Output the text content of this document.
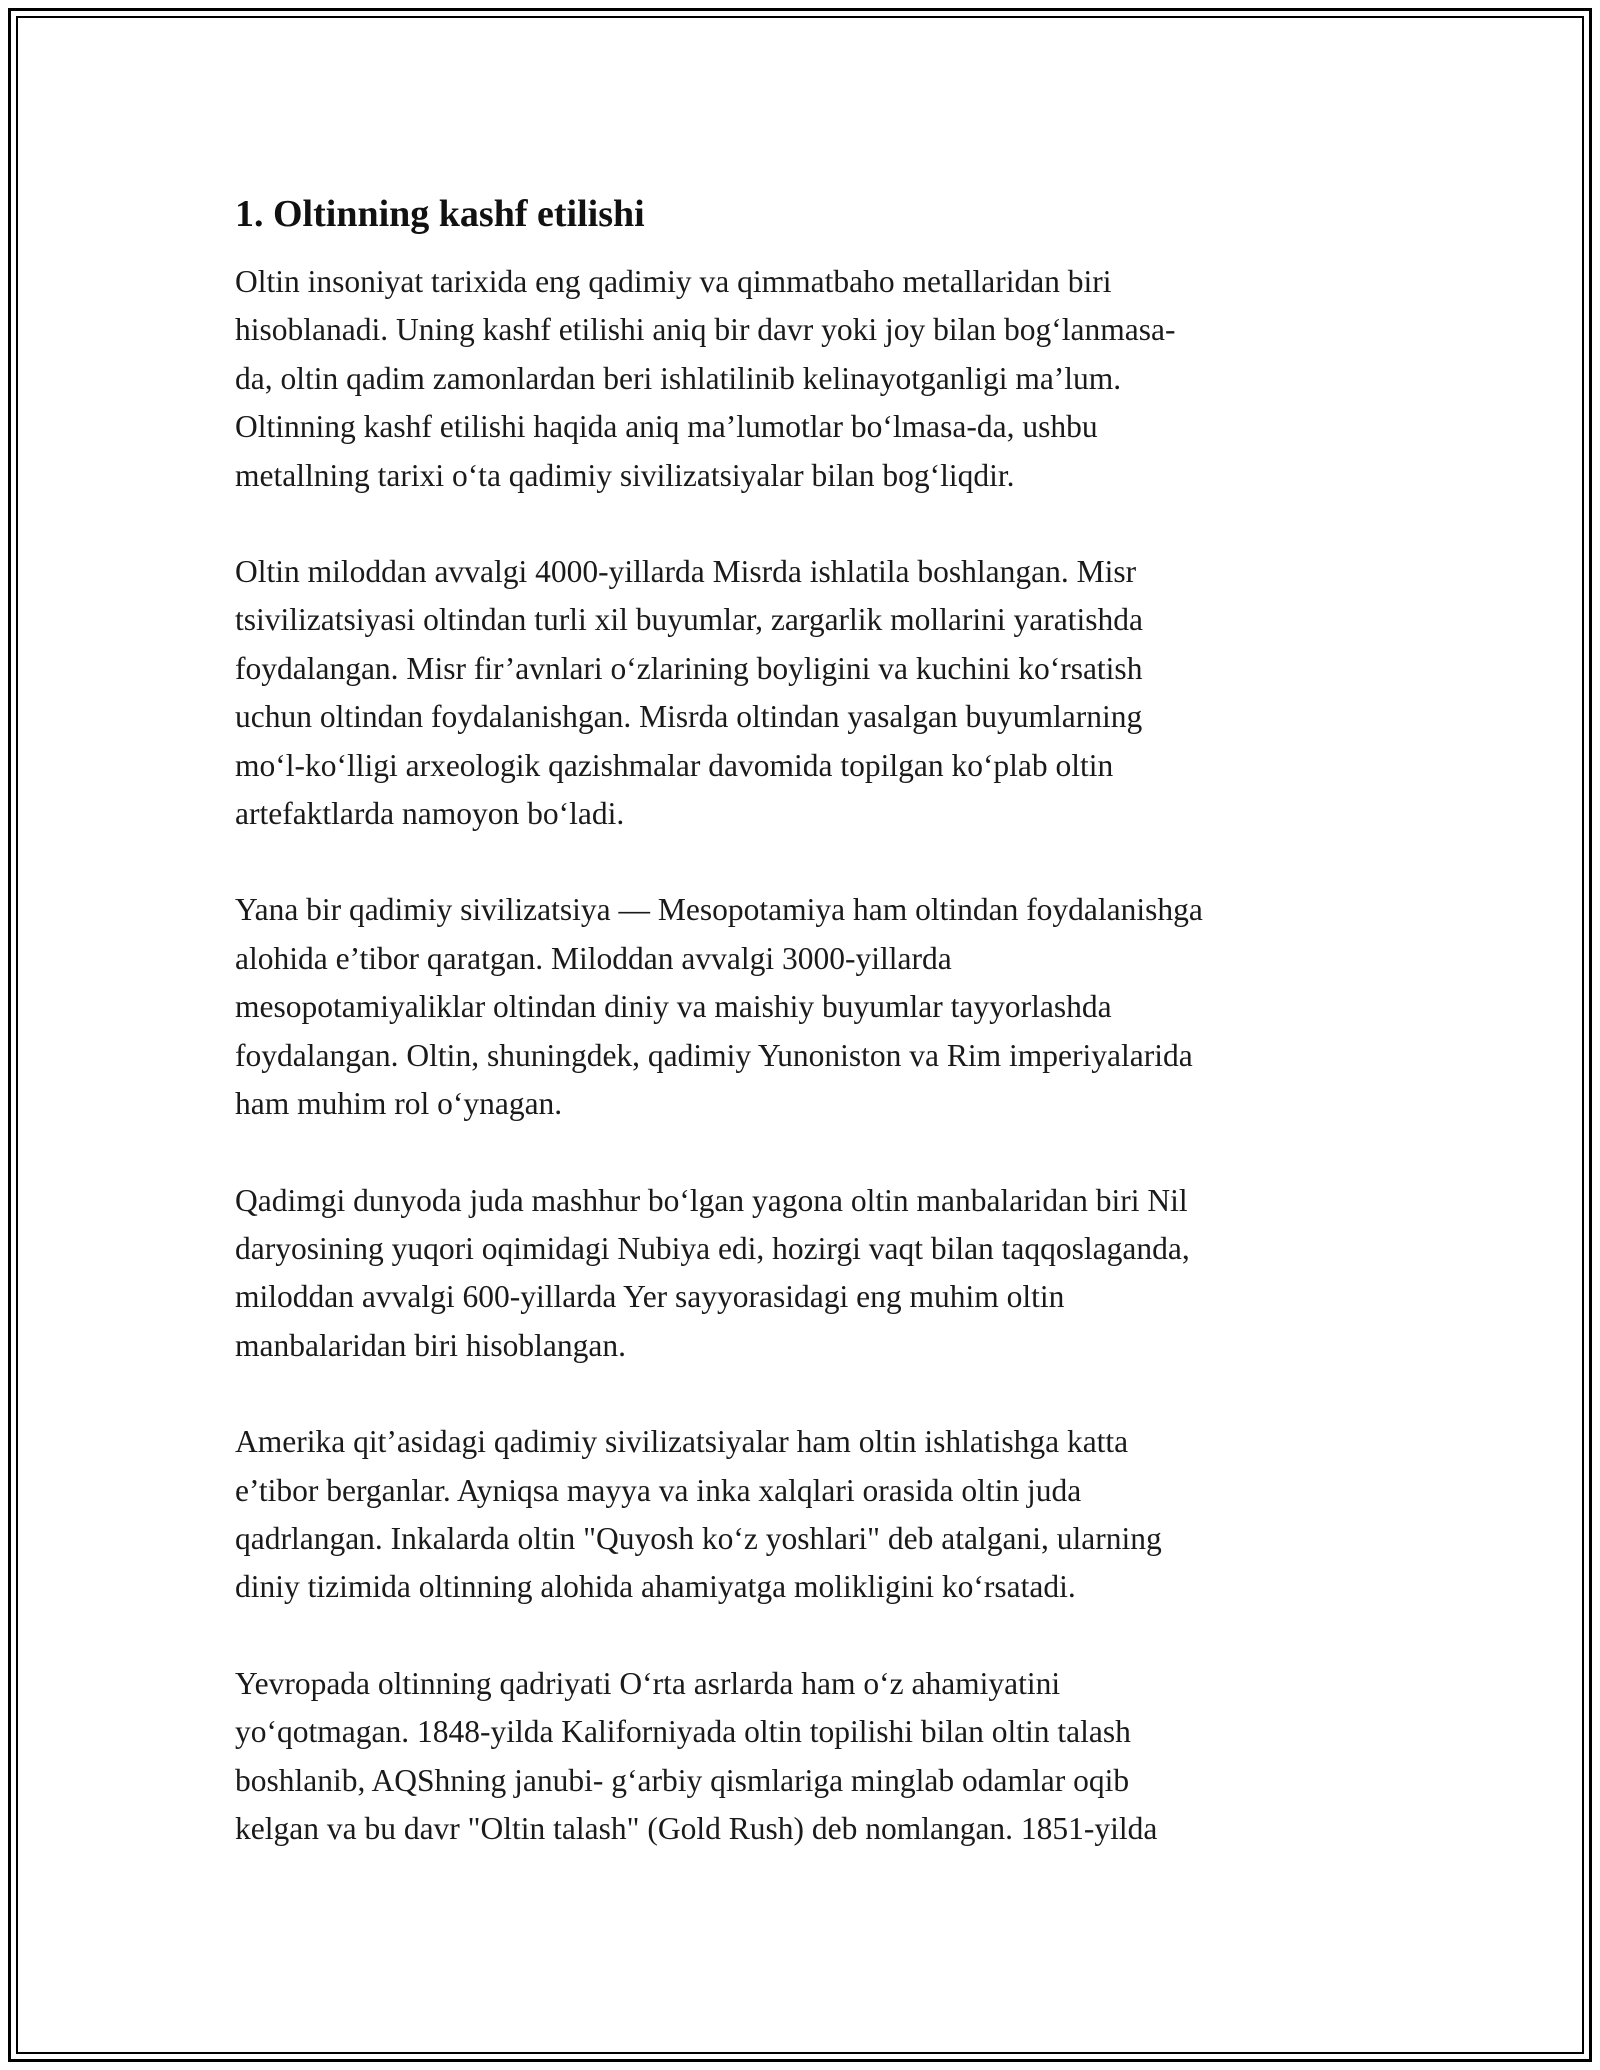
1. Oltinning kashf etilishi

Oltin insoniyat tarixida eng qadimiy va qimmatbaho metallaridan biri
hisoblanadi. Uning kashf etilishi aniq bir davr yoki joy bilan bog‘lanmasa-
da, oltin qadim zamonlardan beri ishlatilinib kelinayotganligi ma’lum.
Oltinning kashf etilishi haqida aniq ma’lumotlar bo‘lmasa-da, ushbu
metallning tarixi o‘ta qadimiy sivilizatsiyalar bilan bog‘liqdir.

Oltin miloddan avvalgi 4000-yillarda Misrda ishlatila boshlangan. Misr
tsivilizatsiyasi oltindan turli xil buyumlar, zargarlik mollarini yaratishda
foydalangan. Misr fir’avnlari o‘zlarining boyligini va kuchini ko‘rsatish
uchun oltindan foydalanishgan. Misrda oltindan yasalgan buyumlarning
mo‘l-ko‘lligi arxeologik qazishmalar davomida topilgan ko‘plab oltin
artefaktlarda namoyon bo‘ladi.

Yana bir qadimiy sivilizatsiya — Mesopotamiya ham oltindan foydalanishga
alohida e’tibor qaratgan. Miloddan avvalgi 3000-yillarda
mesopotamiyaliklar oltindan diniy va maishiy buyumlar tayyorlashda
foydalangan. Oltin, shuningdek, qadimiy Yunoniston va Rim imperiyalarida
ham muhim rol o‘ynagan.

Qadimgi dunyoda juda mashhur bo‘lgan yagona oltin manbalaridan biri Nil
daryosining yuqori oqimidagi Nubiya edi, hozirgi vaqt bilan taqqoslaganda,
miloddan avvalgi 600-yillarda Yer sayyorasidagi eng muhim oltin
manbalaridan biri hisoblangan.

Amerika qit’asidagi qadimiy sivilizatsiyalar ham oltin ishlatishga katta
e’tibor berganlar. Ayniqsa mayya va inka xalqlari orasida oltin juda
qadrlangan. Inkalarda oltin "Quyosh ko‘z yoshlari" deb atalgani, ularning
diniy tizimida oltinning alohida ahamiyatga molikligini ko‘rsatadi.

Yevropada oltinning qadriyati O‘rta asrlarda ham o‘z ahamiyatini
yo‘qotmagan. 1848-yilda Kaliforniyada oltin topilishi bilan oltin talash
boshlanib, AQShning janubi- g‘arbiy qismlariga minglab odamlar oqib
kelgan va bu davr "Oltin talash" (Gold Rush) deb nomlangan. 1851-yilda
